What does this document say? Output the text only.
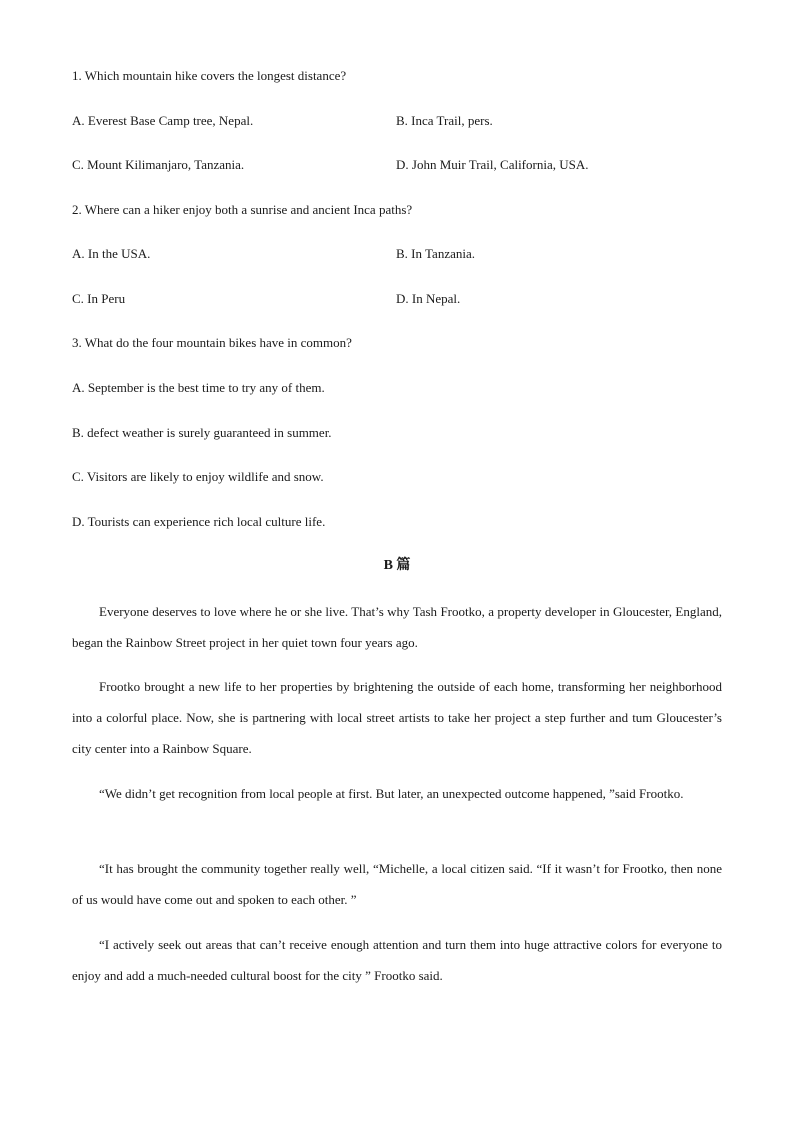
1. Which mountain hike covers the longest distance?
A. Everest Base Camp tree, Nepal.	B. Inca Trail, pers.
C. Mount Kilimanjaro, Tanzania.	D. John Muir Trail, California, USA.
2. Where can a hiker enjoy both a sunrise and ancient Inca paths?
A. In the USA.	B. In Tanzania.
C. In Peru	D. In Nepal.
3. What do the four mountain bikes have in common?
A. September is the best time to try any of them.
B. defect weather is surely guaranteed in summer.
C. Visitors are likely to enjoy wildlife and snow.
D. Tourists can experience rich local culture life.
B 篇
Everyone deserves to love where he or she live. That’s why Tash Frootko, a property developer in Gloucester, England, began the Rainbow Street project in her quiet town four years ago.
Frootko brought a new life to her properties by brightening the outside of each home, transforming her neighborhood into a colorful place. Now, she is partnering with local street artists to take her project a step further and tum Gloucester’s city center into a Rainbow Square.
“We didn’t get recognition from local people at first. But later, an unexpected outcome happened, ”said Frootko.
“It has brought the community together really well, “Michelle, a local citizen said. “If it wasn’t for Frootko, then none of us would have come out and spoken to each other. ”
“I actively seek out areas that can’t receive enough attention and turn them into huge attractive colors for everyone to enjoy and add a much-needed cultural boost for the city ” Frootko said.
